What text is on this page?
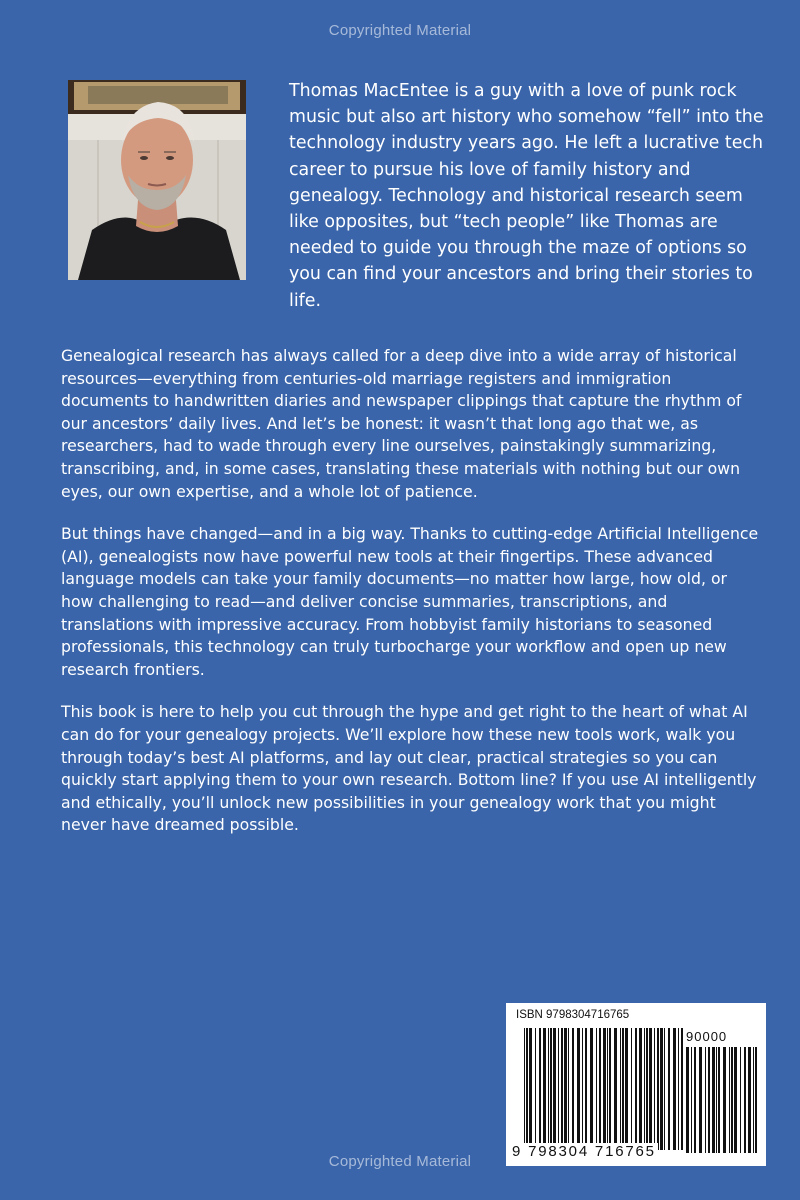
Copyrighted Material

Thomas MacEntee is a guy with a love of punk rock music but also art history who somehow “fell” into the technology industry years ago. He left a lucrative tech career to pursue his love of family history and genealogy. Technology and historical research seem like opposites, but “tech people” like Thomas are needed to guide you through the maze of options so you can find your ancestors and bring their stories to life.

Genealogical research has always called for a deep dive into a wide array of historical resources—everything from centuries-old marriage registers and immigration documents to handwritten diaries and newspaper clippings that capture the rhythm of our ancestors’ daily lives. And let’s be honest: it wasn’t that long ago that we, as researchers, had to wade through every line ourselves, painstakingly summarizing, transcribing, and, in some cases, translating these materials with nothing but our own eyes, our own expertise, and a whole lot of patience.

But things have changed—and in a big way. Thanks to cutting-edge Artificial Intelligence (AI), genealogists now have powerful new tools at their fingertips. These advanced language models can take your family documents—no matter how large, how old, or how challenging to read—and deliver concise summaries, transcriptions, and translations with impressive accuracy. From hobbyist family historians to seasoned professionals, this technology can truly turbocharge your workflow and open up new research frontiers.

This book is here to help you cut through the hype and get right to the heart of what AI can do for your genealogy projects. We’ll explore how these new tools work, walk you through today’s best AI platforms, and lay out clear, practical strategies so you can quickly start applying them to your own research. Bottom line? If you use AI intelligently and ethically, you’ll unlock new possibilities in your genealogy work that you might never have dreamed possible.

ISBN 9798304716765
90000
9 798304 716765
Copyrighted Material
